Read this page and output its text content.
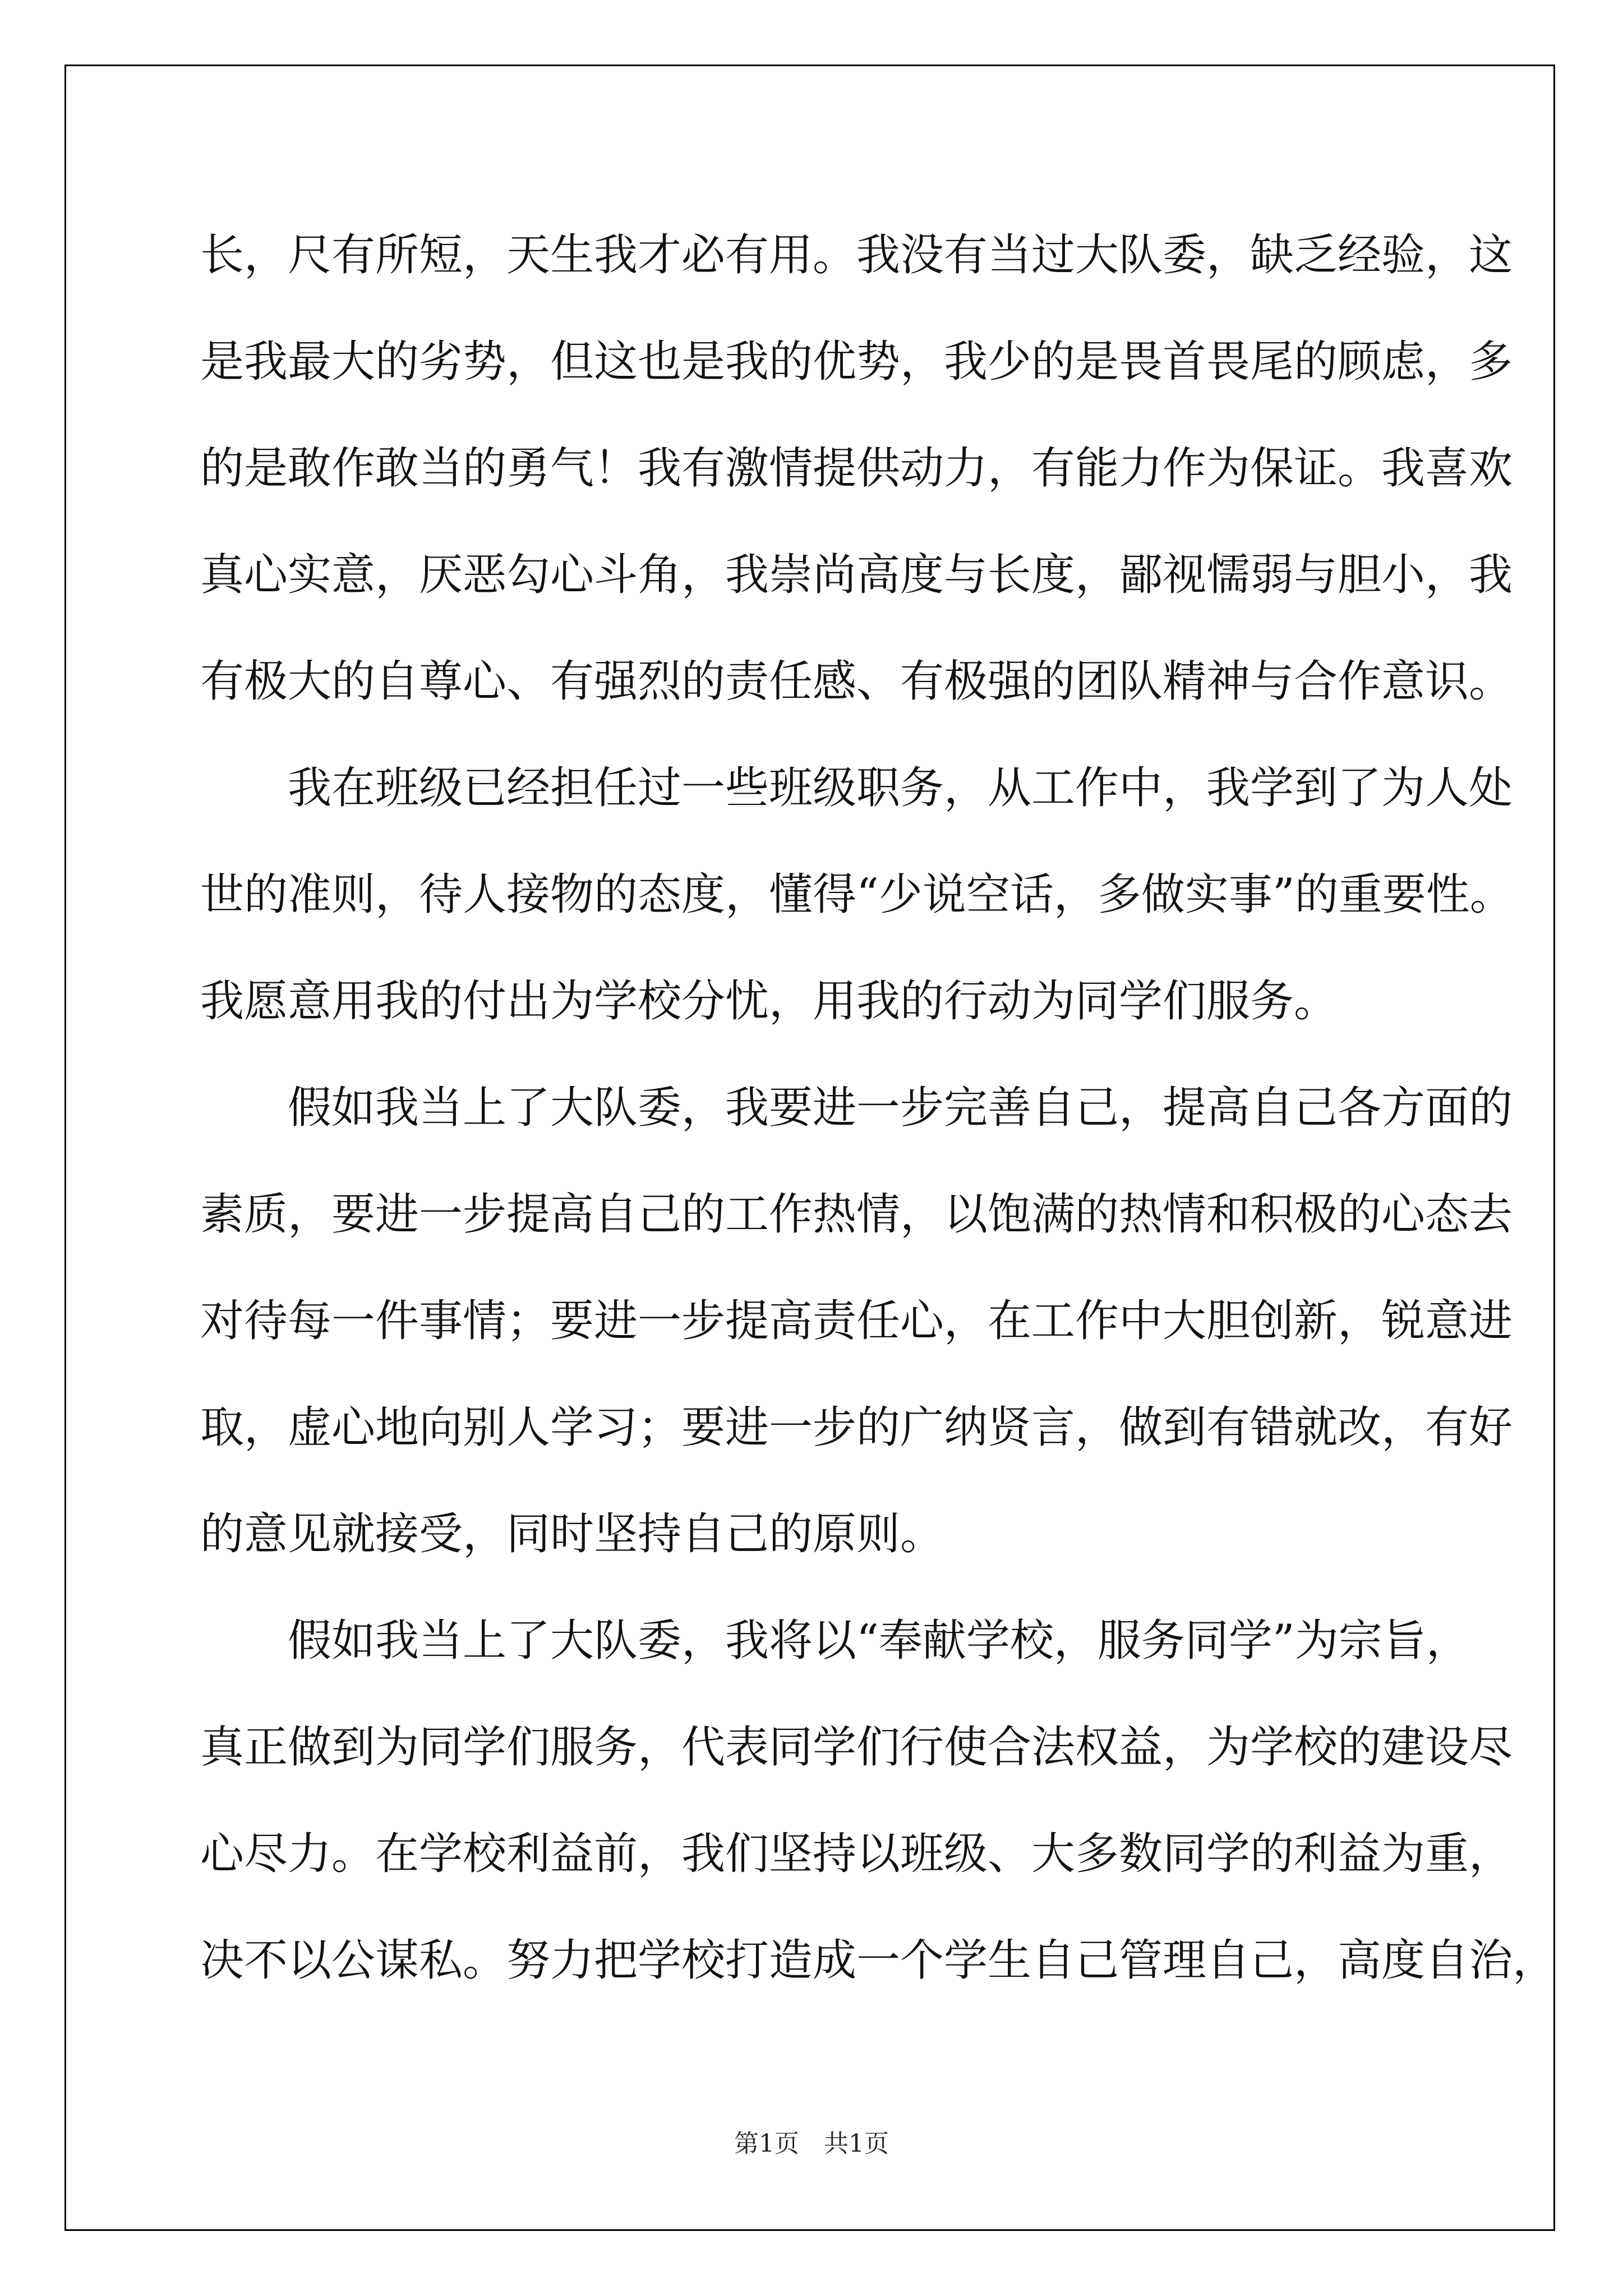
长，尺有所短，天生我才必有用。我没有当过大队委，缺乏经验，这
是我最大的劣势，但这也是我的优势，我少的是畏首畏尾的顾虑，多
的是敢作敢当的勇气！我有激情提供动力，有能力作为保证。我喜欢
真心实意，厌恶勾心斗角，我崇尚高度与长度，鄙视懦弱与胆小，我
有极大的自尊心、有强烈的责任感、有极强的团队精神与合作意识。
　　我在班级已经担任过一些班级职务，从工作中，我学到了为人处
世的准则，待人接物的态度，懂得“少说空话，多做实事”的重要性。
我愿意用我的付出为学校分忧，用我的行动为同学们服务。
　　假如我当上了大队委，我要进一步完善自己，提高自己各方面的
素质，要进一步提高自己的工作热情，以饱满的热情和积极的心态去
对待每一件事情；要进一步提高责任心，在工作中大胆创新，锐意进
取，虚心地向别人学习；要进一步的广纳贤言，做到有错就改，有好
的意见就接受，同时坚持自己的原则。
　　假如我当上了大队委，我将以“奉献学校，服务同学”为宗旨，
真正做到为同学们服务，代表同学们行使合法权益，为学校的建设尽
心尽力。在学校利益前，我们坚持以班级、大多数同学的利益为重，
决不以公谋私。努力把学校打造成一个学生自己管理自己，高度自治，
第1页　共1页
